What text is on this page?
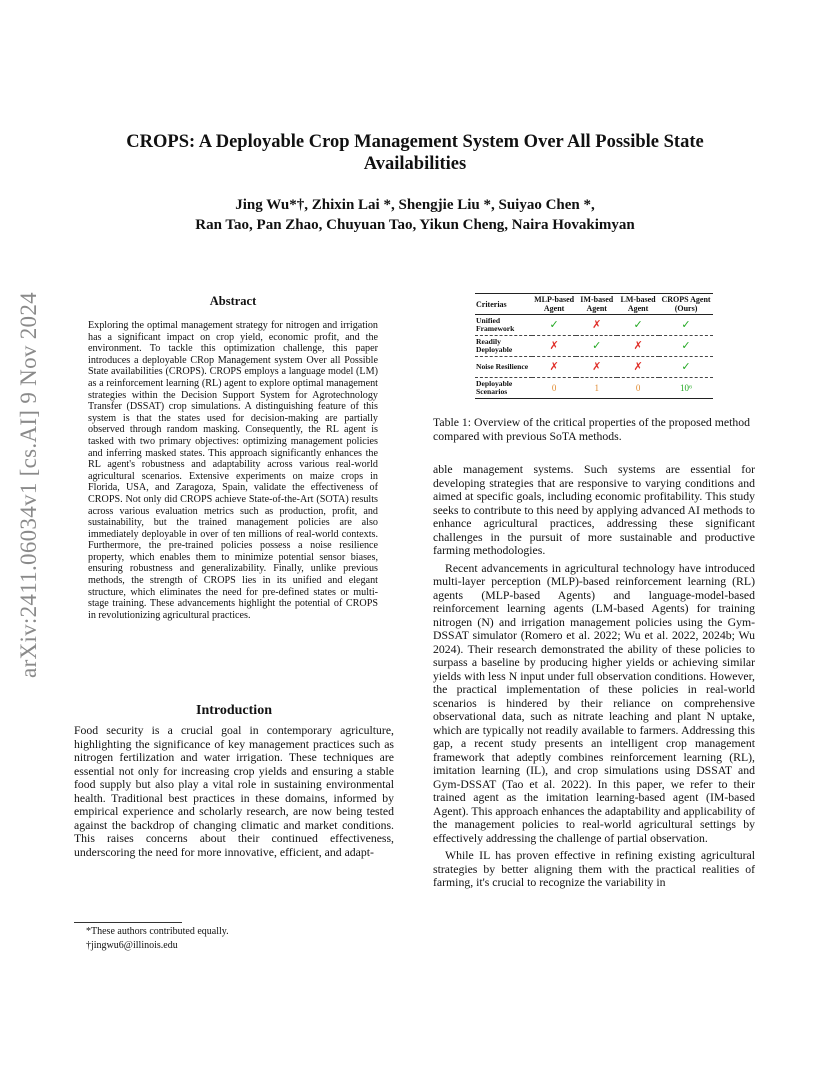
arXiv:2411.06034v1 [cs.AI] 9 Nov 2024
CROPS: A Deployable Crop Management System Over All Possible State Availabilities
Jing Wu*†, Zhixin Lai *, Shengjie Liu *, Suiyao Chen *,
Ran Tao, Pan Zhao, Chuyuan Tao, Yikun Cheng, Naira Hovakimyan
Abstract
Exploring the optimal management strategy for nitrogen and irrigation has a significant impact on crop yield, economic profit, and the environment. To tackle this optimization challenge, this paper introduces a deployable CRop Management system Over all Possible State availabilities (CROPS). CROPS employs a language model (LM) as a reinforcement learning (RL) agent to explore optimal management strategies within the Decision Support System for Agrotechnology Transfer (DSSAT) crop simulations. A distinguishing feature of this system is that the states used for decision-making are partially observed through random masking. Consequently, the RL agent is tasked with two primary objectives: optimizing management policies and inferring masked states. This approach significantly enhances the RL agent's robustness and adaptability across various real-world agricultural scenarios. Extensive experiments on maize crops in Florida, USA, and Zaragoza, Spain, validate the effectiveness of CROPS. Not only did CROPS achieve State-of-the-Art (SOTA) results across various evaluation metrics such as production, profit, and sustainability, but the trained management policies are also immediately deployable in over of ten millions of real-world contexts. Furthermore, the pre-trained policies possess a noise resilience property, which enables them to minimize potential sensor biases, ensuring robustness and generalizability. Finally, unlike previous methods, the strength of CROPS lies in its unified and elegant structure, which eliminates the need for pre-defined states or multi-stage training. These advancements highlight the potential of CROPS in revolutionizing agricultural practices.
Introduction
Food security is a crucial goal in contemporary agriculture, highlighting the significance of key management practices such as nitrogen fertilization and water irrigation. These techniques are essential not only for increasing crop yields and ensuring a stable food supply but also play a vital role in sustaining environmental health. Traditional best practices in these domains, informed by empirical experience and scholarly research, are now being tested against the backdrop of changing climatic and market conditions. This raises concerns about their continued effectiveness, underscoring the need for more innovative, efficient, and adapt-
*These authors contributed equally.
†jingwu6@illinois.edu
Criterias	MLP-based Agent	IM-based Agent	LM-based Agent	CROPS Agent (Ours)
Unified Framework	✓	✗	✓	✓
Readily Deployable	✗	✓	✗	✓
Noise Resilience	✗	✗	✗	✓
Deployable Scenarios	0	1	0	10⁶
Table 1: Overview of the critical properties of the proposed method compared with previous SoTA methods.

able management systems. Such systems are essential for developing strategies that are responsive to varying conditions and aimed at specific goals, including economic profitability. This study seeks to contribute to this need by applying advanced AI methods to enhance agricultural practices, addressing these significant challenges in the pursuit of more sustainable and productive farming methodologies.

Recent advancements in agricultural technology have introduced multi-layer perception (MLP)-based reinforcement learning (RL) agents (MLP-based Agents) and language-model-based reinforcement learning agents (LM-based Agents) for training nitrogen (N) and irrigation management policies using the Gym-DSSAT simulator (Romero et al. 2022; Wu et al. 2022, 2024b; Wu 2024). Their research demonstrated the ability of these policies to surpass a baseline by producing higher yields or achieving similar yields with less N input under full observation conditions. However, the practical implementation of these policies in real-world scenarios is hindered by their reliance on comprehensive observational data, such as nitrate leaching and plant N uptake, which are typically not readily available to farmers. Addressing this gap, a recent study presents an intelligent crop management framework that adeptly combines reinforcement learning (RL), imitation learning (IL), and crop simulations using DSSAT and Gym-DSSAT (Tao et al. 2022). In this paper, we refer to their trained agent as the imitation learning-based agent (IM-based Agent). This approach enhances the adaptability and applicability of the management policies to real-world agricultural settings by effectively addressing the challenge of partial observation.

While IL has proven effective in refining existing agricultural strategies by better aligning them with the practical realities of farming, it's crucial to recognize the variability in
